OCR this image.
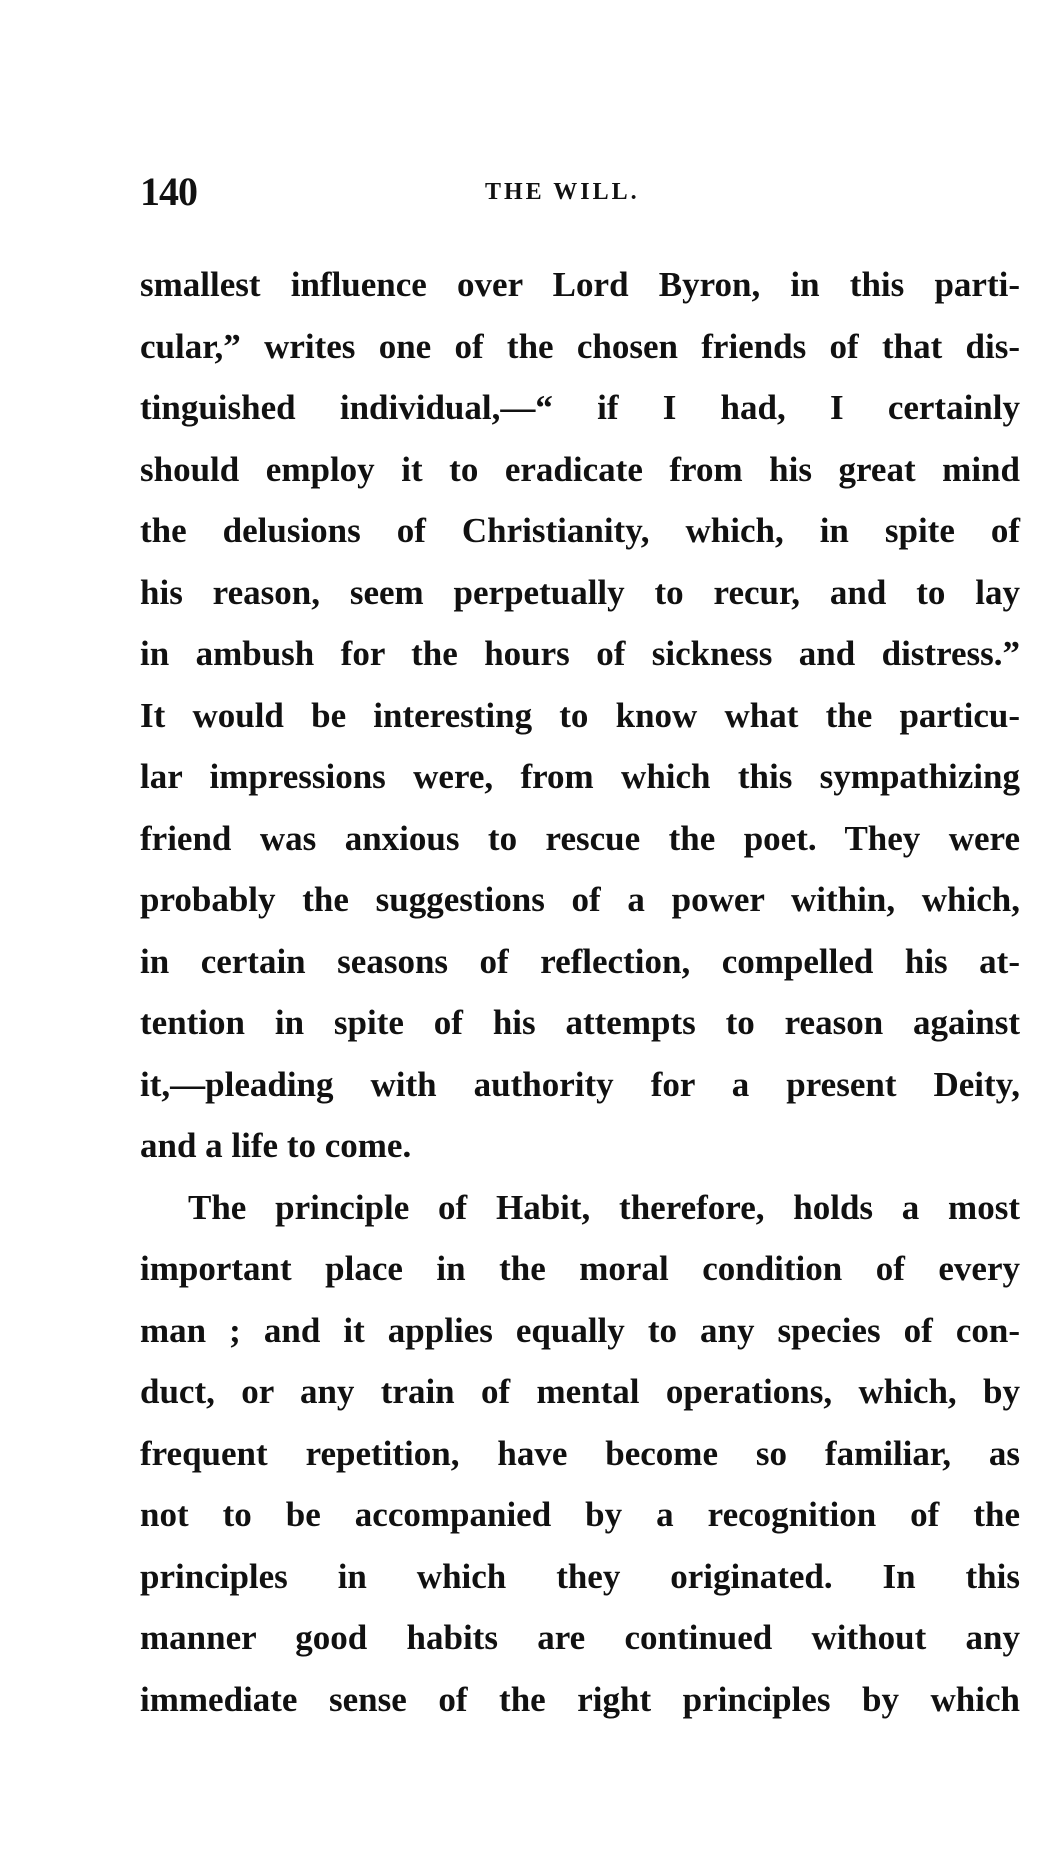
140	THE WILL.
smallest influence over Lord Byron, in this parti-
cular,” writes one of the chosen friends of that dis-
tinguished individual,—“ if I had, I certainly
should employ it to eradicate from his great mind
the delusions of Christianity, which, in spite of
his reason, seem perpetually to recur, and to lay
in ambush for the hours of sickness and distress.”
It would be interesting to know what the particu-
lar impressions were, from which this sympathizing
friend was anxious to rescue the poet. They were
probably the suggestions of a power within, which,
in certain seasons of reflection, compelled his at-
tention in spite of his attempts to reason against
it,—pleading with authority for a present Deity,
and a life to come.
The principle of Habit, therefore, holds a most
important place in the moral condition of every
man ; and it applies equally to any species of con-
duct, or any train of mental operations, which, by
frequent repetition, have become so familiar, as
not to be accompanied by a recognition of the
principles in which they originated. In this
manner good habits are continued without any
immediate sense of the right principles by which
